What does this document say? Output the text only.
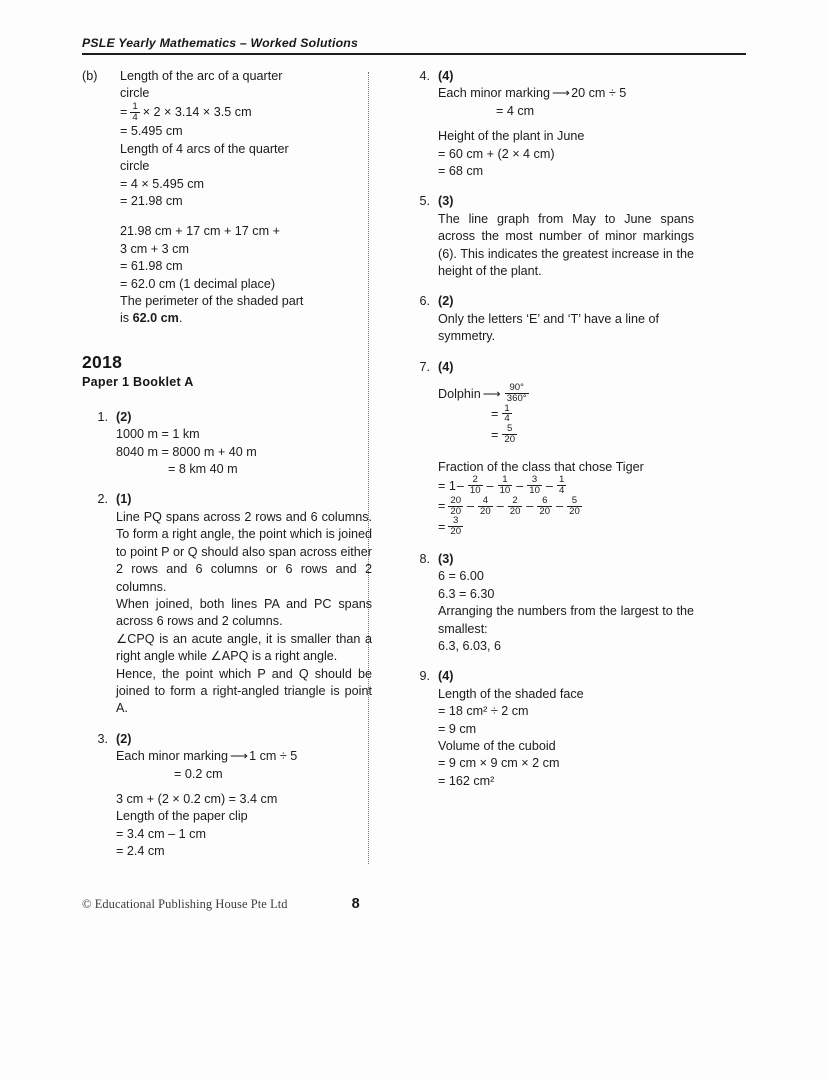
PSLE Yearly Mathematics – Worked Solutions
(b)	Length of the arc of a quarter
circle
= $\frac{1}{4} \times 2 \times 3.14 \times 3.5$ cm
= 5.495 cm
Length of 4 arcs of the quarter
circle
= 4 × 5.495 cm
= 21.98 cm
21.98 cm + 17 cm + 17 cm +
3 cm + 3 cm
= 61.98 cm
= 62.0 cm (1 decimal place)
The perimeter of the shaded part
is 62.0 cm.
2018
Paper 1 Booklet A
1. (2)
1000 m = 1 km
8040 m = 8000 m + 40 m
= 8 km 40 m
2. (1)
Line PQ spans across 2 rows and 6 columns. To form a right angle, the point which is joined to point P or Q should also span across either 2 rows and 6 columns or 6 rows and 2 columns.
When joined, both lines PA and PC spans across 6 rows and 2 columns.
∠CPQ is an acute angle, it is smaller than a right angle while ∠APQ is a right angle.
Hence, the point which P and Q should be joined to form a right-angled triangle is point A.
3. (2)
Each minor marking ⟶ 1 cm ÷ 5
= 0.2 cm
3 cm + (2 × 0.2 cm) = 3.4 cm
Length of the paper clip
= 3.4 cm – 1 cm
= 2.4 cm
4. (4)
Each minor marking ⟶ 20 cm ÷ 5
= 4 cm
Height of the plant in June
= 60 cm + (2 × 4 cm)
= 68 cm
5. (3)
The line graph from May to June spans across the most number of minor markings (6). This indicates the greatest increase in the height of the plant.
6. (2)
Only the letters ‘E’ and ‘T’ have a line of symmetry.
7. (4)
Dolphin ⟶ $\frac{90^\circ}{360^\circ}$
= $\frac{1}{4}$
= $\frac{5}{20}$
Fraction of the class that chose Tiger
= $1 - \frac{2}{10} - \frac{1}{10} - \frac{3}{10} - \frac{1}{4}$
= $\frac{20}{20} - \frac{4}{20} - \frac{2}{20} - \frac{6}{20} - \frac{5}{20}$
= $\frac{3}{20}$
8. (3)
6 = 6.00
6.3 = 6.30
Arranging the numbers from the largest to the smallest:
6.3, 6.03, 6
9. (4)
Length of the shaded face
= 18 cm² ÷ 2 cm
= 9 cm
Volume of the cuboid
= 9 cm × 9 cm × 2 cm
= 162 cm²
© Educational Publishing House Pte Ltd	8
